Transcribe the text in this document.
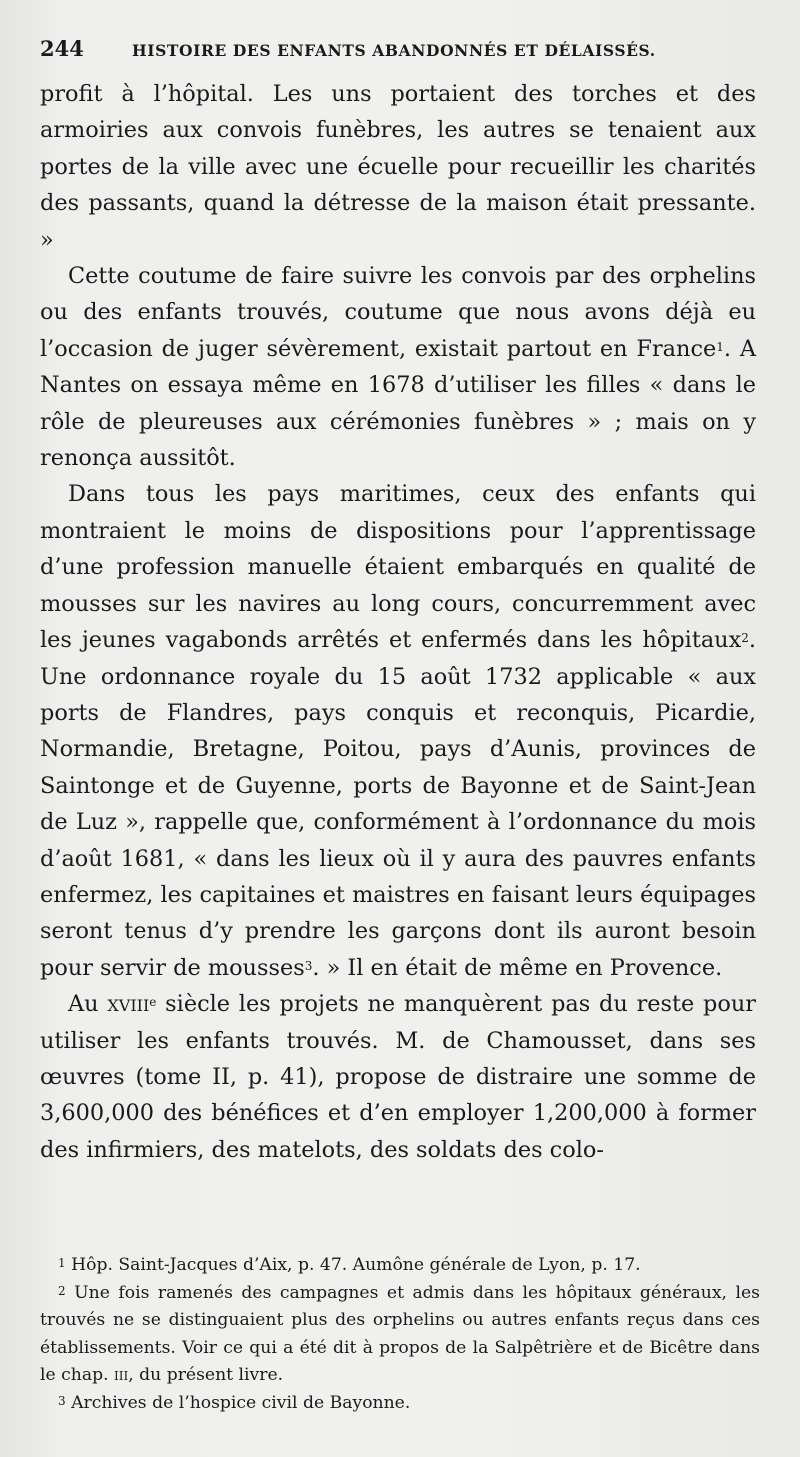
244	HISTOIRE DES ENFANTS ABANDONNÉS ET DÉLAISSÉS.

profit à l’hôpital. Les uns portaient des torches et des armoiries aux convois funèbres, les autres se tenaient aux portes de la ville avec une écuelle pour recueillir les charités des passants, quand la détresse de la maison était pressante. »

Cette coutume de faire suivre les convois par des orphelins ou des enfants trouvés, coutume que nous avons déjà eu l’occasion de juger sévèrement, existait partout en France$^1$. A Nantes on essaya même en 1678 d’utiliser les filles « dans le rôle de pleureuses aux cérémonies funèbres » ; mais on y renonça aussitôt.

Dans tous les pays maritimes, ceux des enfants qui montraient le moins de dispositions pour l’apprentissage d’une profession manuelle étaient embarqués en qualité de mousses sur les navires au long cours, concurremment avec les jeunes vagabonds arrêtés et enfermés dans les hôpitaux$^2$. Une ordonnance royale du 15 août 1732 applicable « aux ports de Flandres, pays conquis et reconquis, Picardie, Normandie, Bretagne, Poitou, pays d’Aunis, provinces de Saintonge et de Guyenne, ports de Bayonne et de Saint-Jean de Luz », rappelle que, conformément à l’ordonnance du mois d’août 1681, « dans les lieux où il y aura des pauvres enfants enfermez, les capitaines et maistres en faisant leurs équipages seront tenus d’y prendre les garçons dont ils auront besoin pour servir de mousses$^3$. » Il en était de même en Provence.

Au xviii$^e$ siècle les projets ne manquèrent pas du reste pour utiliser les enfants trouvés. M. de Chamousset, dans ses œuvres (tome II, p. 41), propose de distraire une somme de 3,600,000 des bénéfices et d’en employer 1,200,000 à former des infirmiers, des matelots, des soldats des colo-

$^1$ Hôp. Saint-Jacques d’Aix, p. 47. Aumône générale de Lyon, p. 17.

$^2$ Une fois ramenés des campagnes et admis dans les hôpitaux généraux, les trouvés ne se distinguaient plus des orphelins ou autres enfants reçus dans ces établissements. Voir ce qui a été dit à propos de la Salpêtrière et de Bicêtre dans le chap. iii, du présent livre.

$^3$ Archives de l’hospice civil de Bayonne.
